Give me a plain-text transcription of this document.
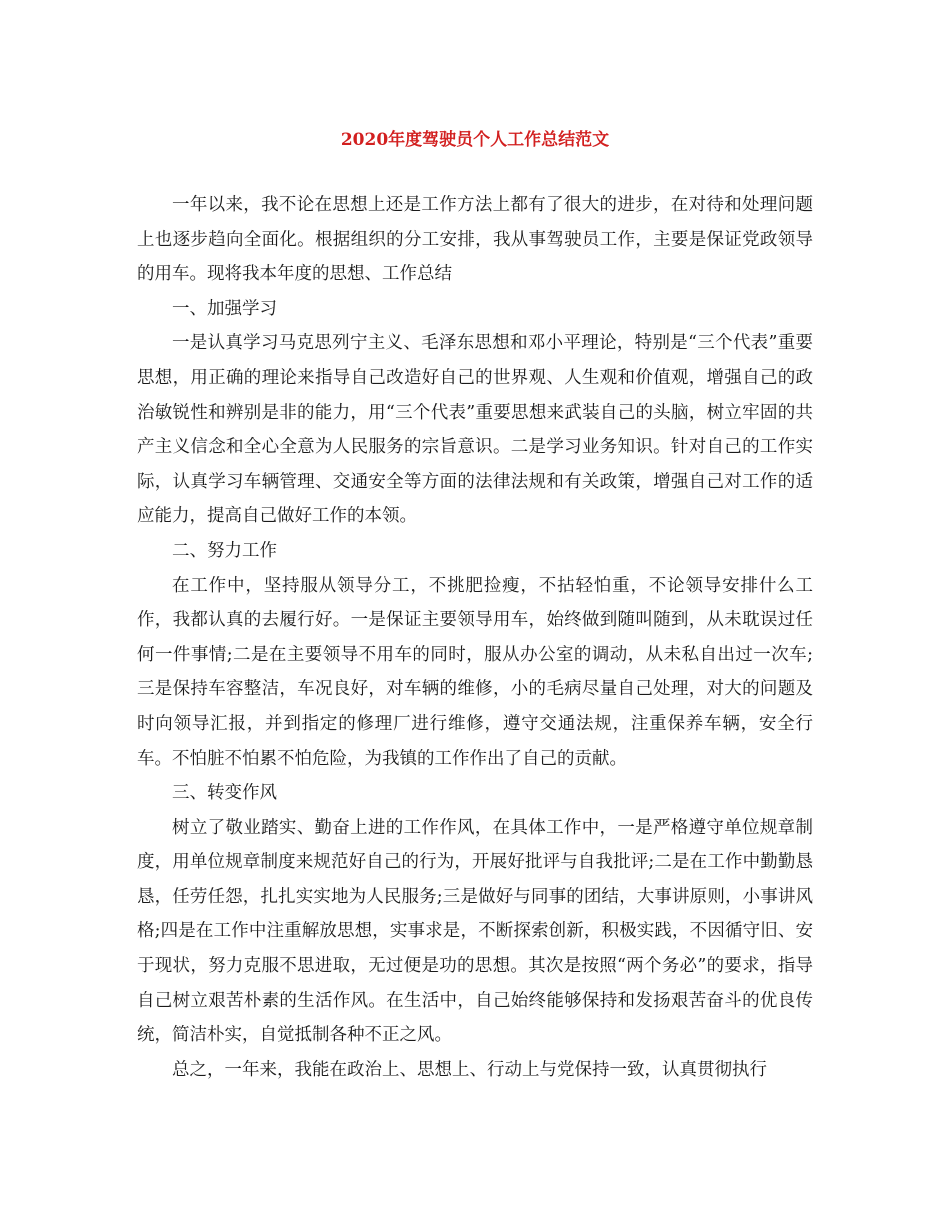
2020年度驾驶员个人工作总结范文

一年以来，我不论在思想上还是工作方法上都有了很大的进步，在对待和处理问题上也逐步趋向全面化。根据组织的分工安排，我从事驾驶员工作，主要是保证党政领导的用车。现将我本年度的思想、工作总结

一、加强学习

一是认真学习马克思列宁主义、毛泽东思想和邓小平理论，特别是“三个代表”重要思想，用正确的理论来指导自己改造好自己的世界观、人生观和价值观，增强自己的政治敏锐性和辨别是非的能力，用“三个代表”重要思想来武装自己的头脑，树立牢固的共产主义信念和全心全意为人民服务的宗旨意识。二是学习业务知识。针对自己的工作实际，认真学习车辆管理、交通安全等方面的法律法规和有关政策，增强自己对工作的适应能力，提高自己做好工作的本领。

二、努力工作

在工作中，坚持服从领导分工，不挑肥捡瘦，不拈轻怕重，不论领导安排什么工作，我都认真的去履行好。一是保证主要领导用车，始终做到随叫随到，从未耽误过任何一件事情;二是在主要领导不用车的同时，服从办公室的调动，从未私自出过一次车;三是保持车容整洁，车况良好，对车辆的维修，小的毛病尽量自己处理，对大的问题及时向领导汇报，并到指定的修理厂进行维修，遵守交通法规，注重保养车辆，安全行车。不怕脏不怕累不怕危险，为我镇的工作作出了自己的贡献。

三、转变作风

树立了敬业踏实、勤奋上进的工作作风，在具体工作中，一是严格遵守单位规章制度，用单位规章制度来规范好自己的行为，开展好批评与自我批评;二是在工作中勤勤恳恳，任劳任怨，扎扎实实地为人民服务;三是做好与同事的团结，大事讲原则，小事讲风格;四是在工作中注重解放思想，实事求是，不断探索创新，积极实践，不因循守旧、安于现状，努力克服不思进取，无过便是功的思想。其次是按照“两个务必”的要求，指导自己树立艰苦朴素的生活作风。在生活中，自己始终能够保持和发扬艰苦奋斗的优良传统，简洁朴实，自觉抵制各种不正之风。

总之，一年来，我能在政治上、思想上、行动上与党保持一致，认真贯彻执行
